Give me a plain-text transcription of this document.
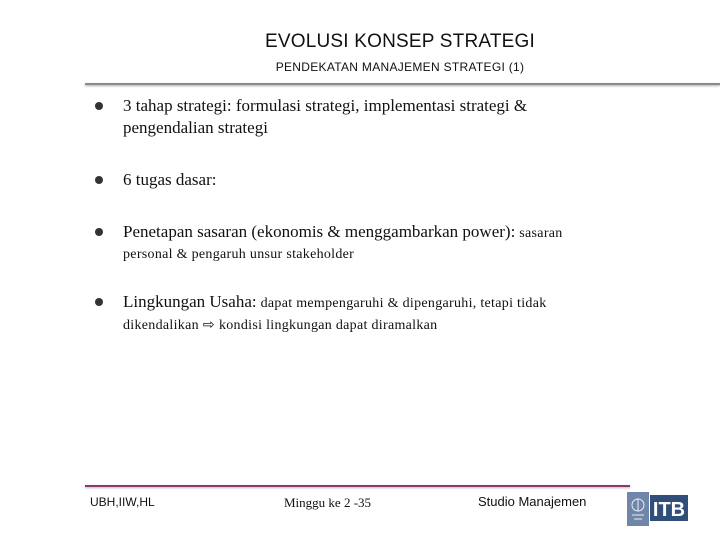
EVOLUSI KONSEP STRATEGI
PENDEKATAN MANAJEMEN STRATEGI (1)
3 tahap strategi: formulasi strategi, implementasi strategi &
pengendalian strategi
6 tugas dasar:
Penetapan sasaran (ekonomis & menggambarkan power): sasaran
personal & pengaruh unsur stakeholder
Lingkungan Usaha: dapat mempengaruhi & dipengaruhi, tetapi tidak
dikendalikan ⇨ kondisi lingkungan dapat diramalkan
UBH,IIW,HL	Minggu ke 2 -35	Studio Manajemen	ITB
